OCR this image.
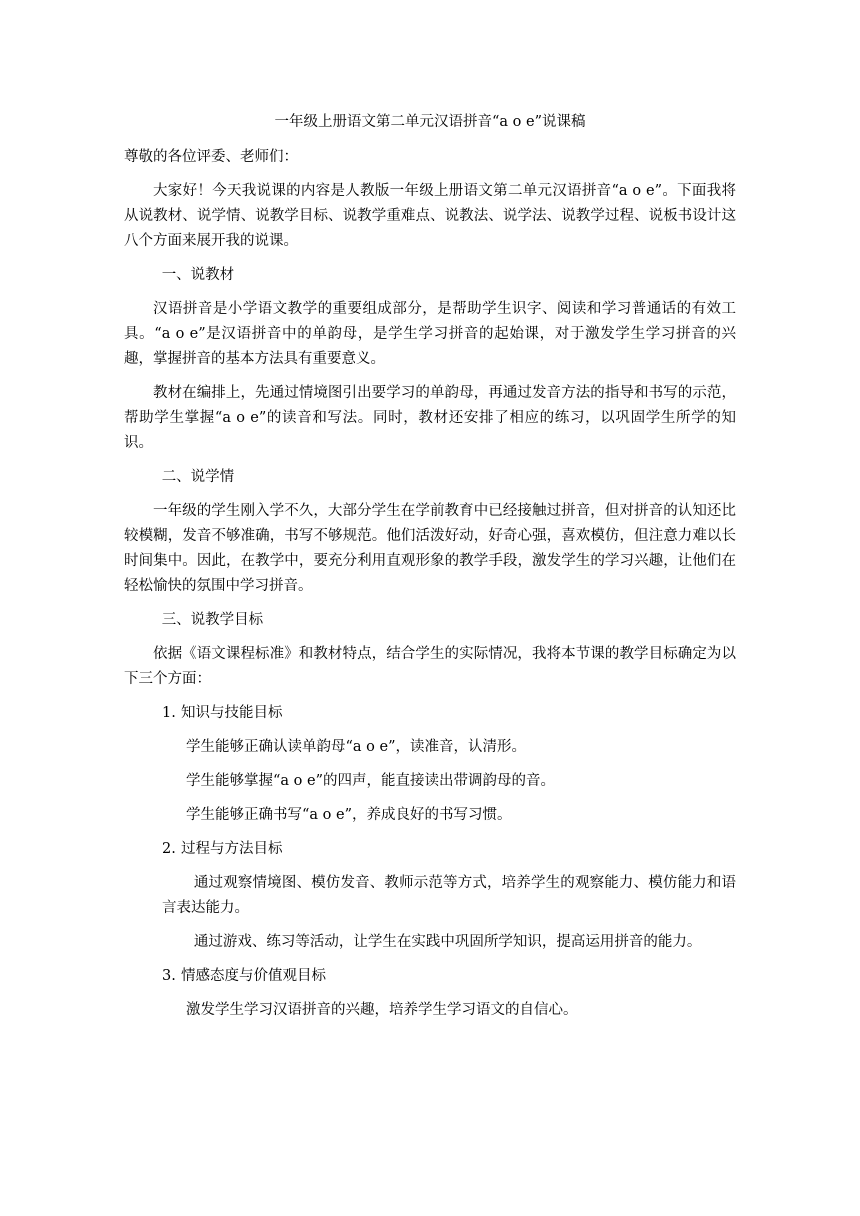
一年级上册语文第二单元汉语拼音“a o e”说课稿

尊敬的各位评委、老师们：

大家好！今天我说课的内容是人教版一年级上册语文第二单元汉语拼音“a o e”。下面我将从说教材、说学情、说教学目标、说教学重难点、说教法、说学法、说教学过程、说板书设计这八个方面来展开我的说课。

一、说教材

汉语拼音是小学语文教学的重要组成部分，是帮助学生识字、阅读和学习普通话的有效工具。“a o e”是汉语拼音中的单韵母，是学生学习拼音的起始课，对于激发学生学习拼音的兴趣，掌握拼音的基本方法具有重要意义。

教材在编排上，先通过情境图引出要学习的单韵母，再通过发音方法的指导和书写的示范，帮助学生掌握“a o e”的读音和写法。同时，教材还安排了相应的练习，以巩固学生所学的知识。

二、说学情

一年级的学生刚入学不久，大部分学生在学前教育中已经接触过拼音，但对拼音的认知还比较模糊，发音不够准确，书写不够规范。他们活泼好动，好奇心强，喜欢模仿，但注意力难以长时间集中。因此，在教学中，要充分利用直观形象的教学手段，激发学生的学习兴趣，让他们在轻松愉快的氛围中学习拼音。

三、说教学目标

依据《语文课程标准》和教材特点，结合学生的实际情况，我将本节课的教学目标确定为以下三个方面：

1. 知识与技能目标

学生能够正确认读单韵母“a o e”，读准音，认清形。

学生能够掌握“a o e”的四声，能直接读出带调韵母的音。

学生能够正确书写“a o e”，养成良好的书写习惯。

2. 过程与方法目标

通过观察情境图、模仿发音、教师示范等方式，培养学生的观察能力、模仿能力和语言表达能力。

通过游戏、练习等活动，让学生在实践中巩固所学知识，提高运用拼音的能力。

3. 情感态度与价值观目标

激发学生学习汉语拼音的兴趣，培养学生学习语文的自信心。
